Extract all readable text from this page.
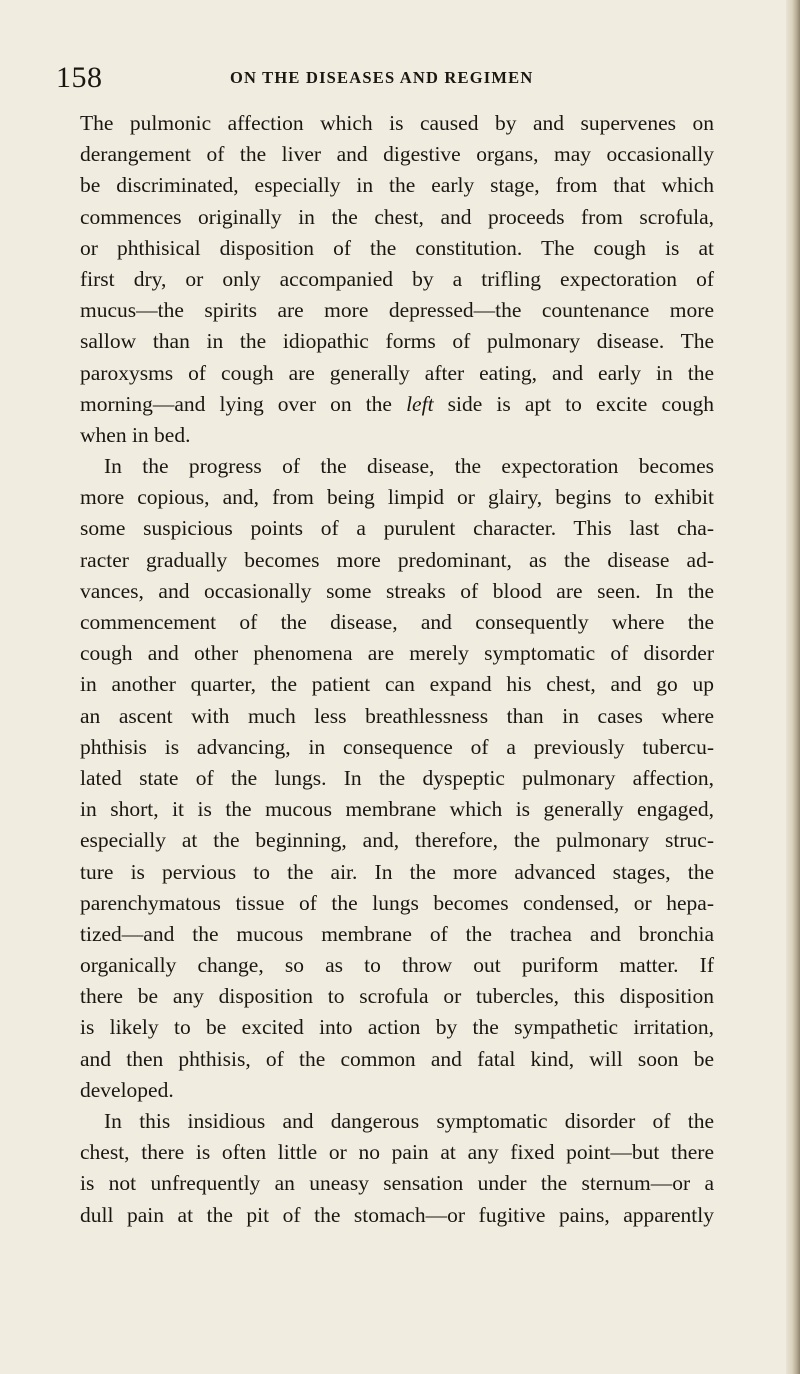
158	ON THE DISEASES AND REGIMEN
The pulmonic affection which is caused by and supervenes on
derangement of the liver and digestive organs, may occasionally
be discriminated, especially in the early stage, from that which
commences originally in the chest, and proceeds from scrofula,
or phthisical disposition of the constitution. The cough is at
first dry, or only accompanied by a trifling expectoration of
mucus—the spirits are more depressed—the countenance more
sallow than in the idiopathic forms of pulmonary disease. The
paroxysms of cough are generally after eating, and early in the
morning—and lying over on the left side is apt to excite cough
when in bed.
In the progress of the disease, the expectoration becomes
more copious, and, from being limpid or glairy, begins to exhibit
some suspicious points of a purulent character. This last cha-
racter gradually becomes more predominant, as the disease ad-
vances, and occasionally some streaks of blood are seen. In the
commencement of the disease, and consequently where the
cough and other phenomena are merely symptomatic of disorder
in another quarter, the patient can expand his chest, and go up
an ascent with much less breathlessness than in cases where
phthisis is advancing, in consequence of a previously tubercu-
lated state of the lungs. In the dyspeptic pulmonary affection,
in short, it is the mucous membrane which is generally engaged,
especially at the beginning, and, therefore, the pulmonary struc-
ture is pervious to the air. In the more advanced stages, the
parenchymatous tissue of the lungs becomes condensed, or hepa-
tized—and the mucous membrane of the trachea and bronchia
organically change, so as to throw out puriform matter. If
there be any disposition to scrofula or tubercles, this disposition
is likely to be excited into action by the sympathetic irritation,
and then phthisis, of the common and fatal kind, will soon be
developed.
In this insidious and dangerous symptomatic disorder of the
chest, there is often little or no pain at any fixed point—but there
is not unfrequently an uneasy sensation under the sternum—or a
dull pain at the pit of the stomach—or fugitive pains, apparently
